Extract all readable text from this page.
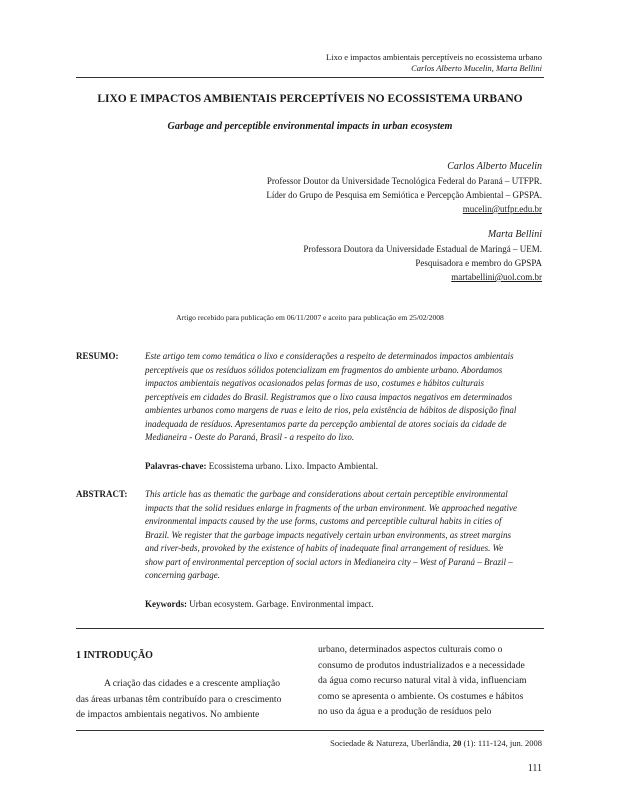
Lixo e impactos ambientais perceptíveis no ecossistema urbano
Carlos Alberto Mucelin, Marta Bellini
LIXO E IMPACTOS AMBIENTAIS PERCEPTÍVEIS NO ECOSSISTEMA URBANO
Garbage and perceptible environmental impacts in urban ecosystem
Carlos Alberto Mucelin
Professor Doutor da Universidade Tecnológica Federal do Paraná – UTFPR.
Líder do Grupo de Pesquisa em Semiótica e Percepção Ambiental – GPSPA.
mucelin@utfpr.edu.br
Marta Bellini
Professora Doutora da Universidade Estadual de Maringá – UEM.
Pesquisadora e membro do GPSPA
martabellini@uol.com.br
Artigo recebido para publicação em 06/11/2007 e aceito para publicação em 25/02/2008
RESUMO:	Este artigo tem como temática o lixo e considerações a respeito de determinados impactos ambientais
perceptíveis que os resíduos sólidos potencializam em fragmentos do ambiente urbano. Abordamos
impactos ambientais negativos ocasionados pelas formas de uso, costumes e hábitos culturais
perceptíveis em cidades do Brasil. Registramos que o lixo causa impactos negativos em determinados
ambientes urbanos como margens de ruas e leito de rios, pela existência de hábitos de disposição final
inadequada de resíduos. Apresentamos parte da percepção ambiental de atores sociais da cidade de
Medianeira - Oeste do Paraná, Brasil - a respeito do lixo.
Palavras-chave: Ecossistema urbano. Lixo. Impacto Ambiental.
ABSTRACT: This article has as thematic the garbage and considerations about certain perceptible environmental
impacts that the solid residues enlarge in fragments of the urban environment. We approached negative
environmental impacts caused by the use forms, customs and perceptible cultural habits in cities of
Brazil. We register that the garbage impacts negatively certain urban environments, as street margins
and river-beds, provoked by the existence of habits of inadequate final arrangement of residues. We
show part of environmental perception of social actors in Medianeira city – West of Paraná – Brazil –
concerning garbage.
Keywords: Urban ecosystem. Garbage. Environmental impact.
1 INTRODUÇÃO
A criação das cidades e a crescente ampliação
das áreas urbanas têm contribuído para o crescimento
de impactos ambientais negativos. No ambiente
urbano, determinados aspectos culturais como o
consumo de produtos industrializados e a necessidade
da água como recurso natural vital à vida, influenciam
como se apresenta o ambiente. Os costumes e hábitos
no uso da água e a produção de resíduos pelo
Sociedade & Natureza, Uberlândia, 20 (1): 111-124, jun. 2008
111
